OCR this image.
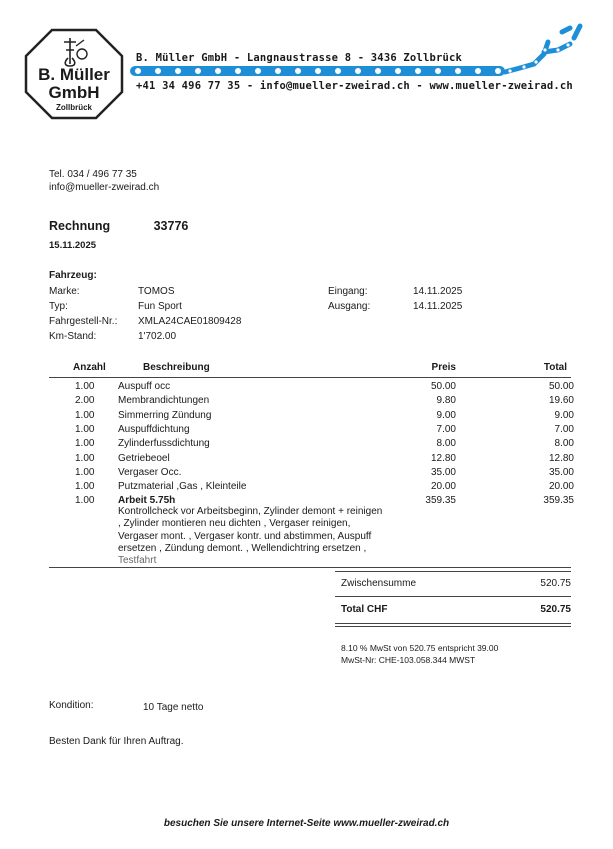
B. Müller
GmbH
Zollbrück
B. Müller GmbH - Langnaustrasse 8 - 3436 Zollbrück
+41 34 496 77 35 - info@mueller-zweirad.ch - www.mueller-zweirad.ch
Tel. 034 / 496 77 35
info@mueller-zweirad.ch
Rechnung	33776
15.11.2025
Fahrzeug:
Marke:	TOMOS
Typ:	Fun Sport
Fahrgestell-Nr.: XMLA24CAE01809428
Km-Stand:	1'702.00
Eingang:	14.11.2025
Ausgang:	14.11.2025
Anzahl	Beschreibung	Preis	Total
1.00 Auspuff occ	50.00	50.00
2.00 Membrandichtungen	9.80	19.60
1.00 Simmerring Zündung	9.00	9.00
1.00 Auspuffdichtung	7.00	7.00
1.00 Zylinderfussdichtung	8.00	8.00
1.00 Getriebeoel	12.80	12.80
1.00 Vergaser Occ.	35.00	35.00
1.00 Putzmaterial ,Gas , Kleinteile	20.00	20.00
1.00 Arbeit 5.75h	359.35	359.35
Kontrollcheck vor Arbeitsbeginn, Zylinder demont + reinigen
, Zylinder montieren neu dichten , Vergaser reinigen,
Vergaser mont. , Vergaser kontr. und abstimmen, Auspuff
ersetzen , Zündung demont. , Wellendichtring ersetzen ,
Testfahrt
Zwischensumme	520.75
Total CHF	520.75
8.10 % MwSt von 520.75 entspricht 39.00
MwSt-Nr: CHE-103.058.344 MWST
Kondition:	10 Tage netto
Besten Dank für Ihren Auftrag.
besuchen Sie unsere Internet-Seite www.mueller-zweirad.ch
